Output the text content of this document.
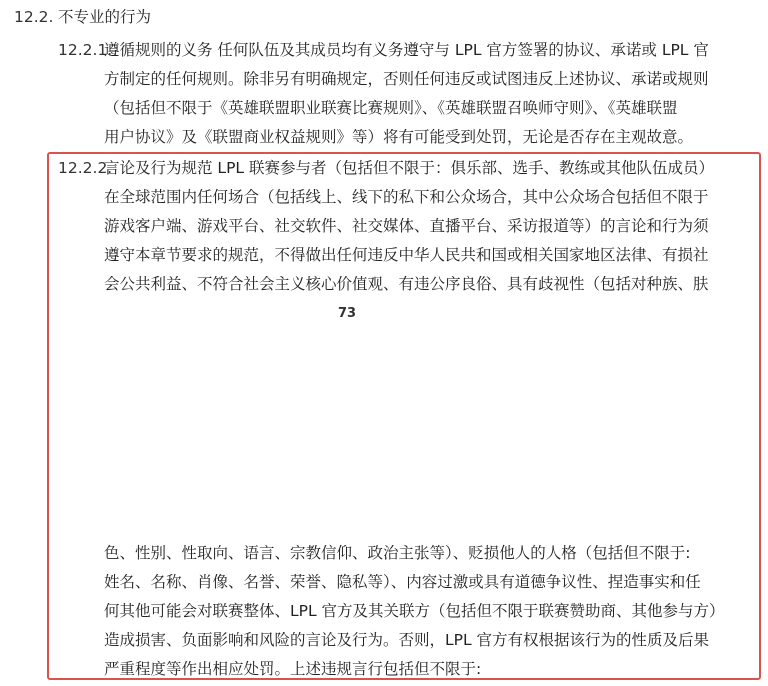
12.2. 不专业的行为
12.2.1.
遵循规则的义务 任何队伍及其成员均有义务遵守与 LPL 官方签署的协议、承诺或 LPL 官
方制定的任何规则。除非另有明确规定，否则任何违反或试图违反上述协议、承诺或规则
（包括但不限于《英雄联盟职业联赛比赛规则》、《英雄联盟召唤师守则》、《英雄联盟
用户协议》及《联盟商业权益规则》等）将有可能受到处罚，无论是否存在主观故意。
12.2.2.
言论及行为规范 LPL 联赛参与者（包括但不限于：俱乐部、选手、教练或其他队伍成员）
在全球范围内任何场合（包括线上、线下的私下和公众场合，其中公众场合包括但不限于
游戏客户端、游戏平台、社交软件、社交媒体、直播平台、采访报道等）的言论和行为须
遵守本章节要求的规范，不得做出任何违反中华人民共和国或相关国家地区法律、有损社
会公共利益、不符合社会主义核心价值观、有违公序良俗、具有歧视性（包括对种族、肤
73
色、性别、性取向、语言、宗教信仰、政治主张等）、贬损他人的人格（包括但不限于:
姓名、名称、肖像、名誉、荣誉、隐私等）、内容过激或具有道德争议性、捏造事实和任
何其他可能会对联赛整体、LPL 官方及其关联方（包括但不限于联赛赞助商、其他参与方）
造成损害、负面影响和风险的言论及行为。否则，LPL 官方有权根据该行为的性质及后果
严重程度等作出相应处罚。上述违规言行包括但不限于:
